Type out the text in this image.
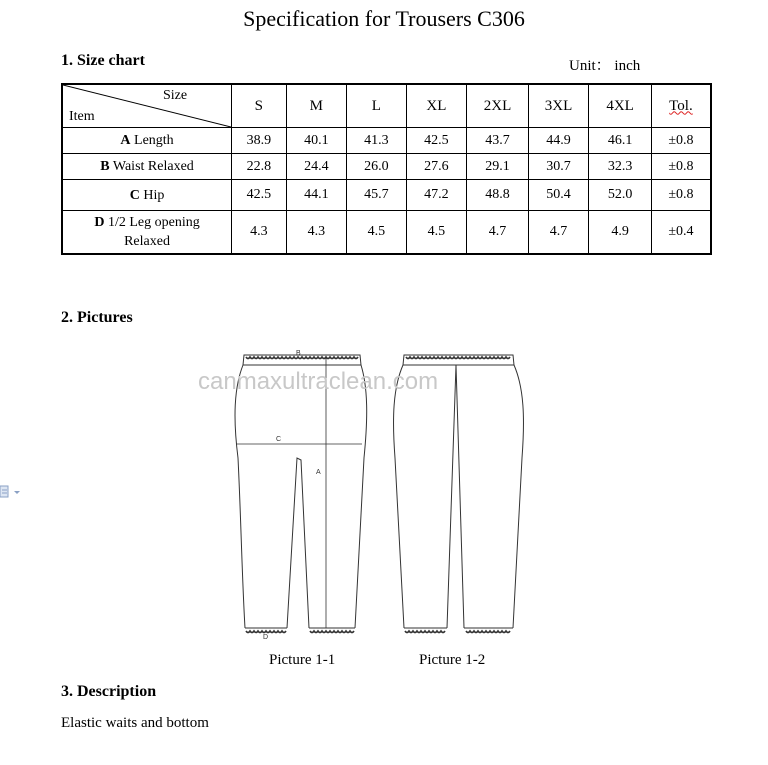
Specification for Trousers C306
1. Size chart	Unit： inch
Size
Item	S	M	L	XL	2XL	3XL	4XL	Tol.
A Length	38.9	40.1	41.3	42.5	43.7	44.9	46.1	±0.8
B Waist Relaxed	22.8	24.4	26.0	27.6	29.1	30.7	32.3	±0.8
C Hip	42.5	44.1	45.7	47.2	48.8	50.4	52.0	±0.8
D 1/2 Leg opening
Relaxed	4.3	4.3	4.5	4.5	4.7	4.7	4.9	±0.4
2. Pictures
B
C
A
D
canmaxultraclean.com
Picture 1-1	Picture 1-2
3. Description
Elastic waits and bottom
